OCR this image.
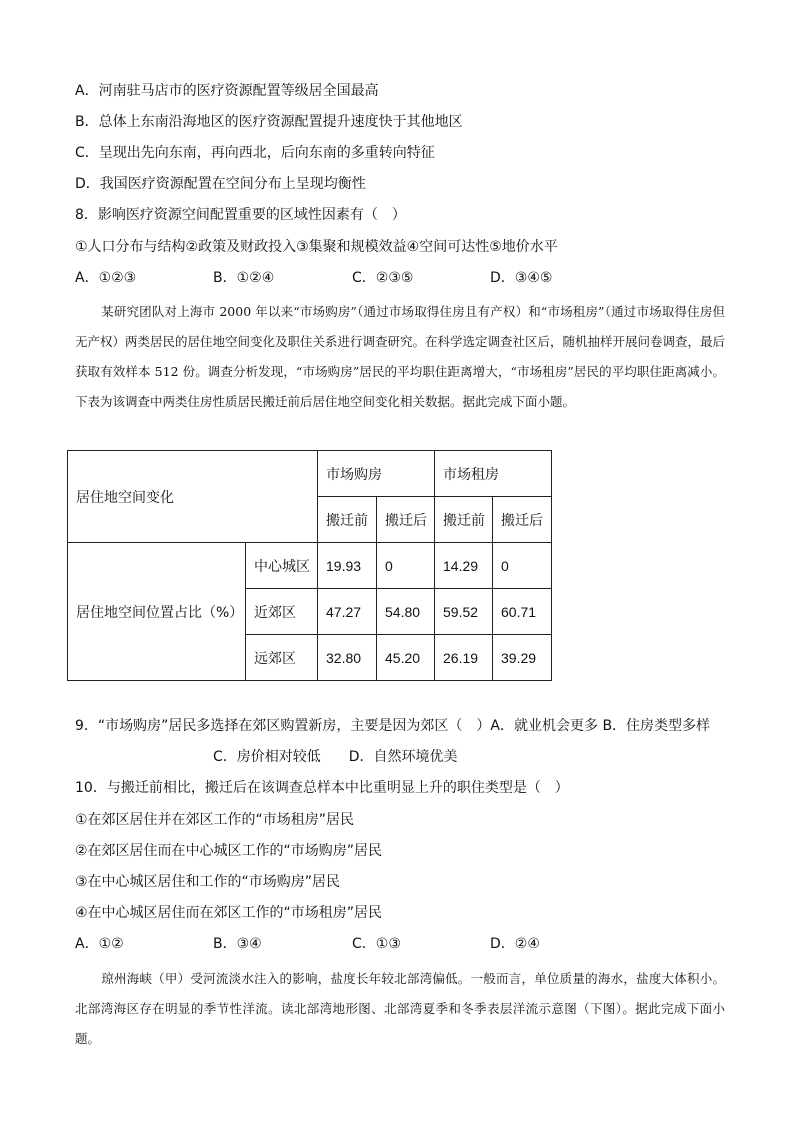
A．河南驻马店市的医疗资源配置等级居全国最高
B．总体上东南沿海地区的医疗资源配置提升速度快于其他地区
C．呈现出先向东南，再向西北，后向东南的多重转向特征
D．我国医疗资源配置在空间分布上呈现均衡性
8．影响医疗资源空间配置重要的区域性因素有（　）
①人口分布与结构②政策及财政投入③集聚和规模效益④空间可达性⑤地价水平
A．①②③	B．①②④	C．②③⑤	D．③④⑤
某研究团队对上海市 2000 年以来“市场购房”（通过市场取得住房且有产权）和“市场租房”（通过市场取得住房但无产权）两类居民的居住地空间变化及职住关系进行调查研究。在科学选定调查社区后，随机抽样开展问卷调查，最后获取有效样本 512 份。调查分析发现，“市场购房”居民的平均职住距离增大，“市场租房”居民的平均职住距离减小。下表为该调查中两类住房性质居民搬迁前后居住地空间变化相关数据。据此完成下面小题。
居住地空间变化		市场购房		市场租房	
		搬迁前	搬迁后	搬迁前	搬迁后
居住地空间位置占比（%）	中心城区	19.93	0	14.29	0
	近郊区	47.27	54.80	59.52	60.71
	远郊区	32.80	45.20	26.19	39.29
9．“市场购房”居民多选择在郊区购置新房，主要是因为郊区（　）A．就业机会更多 B．住房类型多样
C．房价相对较低　　D．自然环境优美
10．与搬迁前相比，搬迁后在该调查总样本中比重明显上升的职住类型是（　）
①在郊区居住并在郊区工作的“市场租房”居民
②在郊区居住而在中心城区工作的“市场购房”居民
③在中心城区居住和工作的“市场购房”居民
④在中心城区居住而在郊区工作的“市场租房”居民
A．①②	B．③④	C．①③	D．②④
琼州海峡（甲）受河流淡水注入的影响，盐度长年较北部湾偏低。一般而言，单位质量的海水，盐度大体积小。北部湾海区存在明显的季节性洋流。读北部湾地形图、北部湾夏季和冬季表层洋流示意图（下图）。据此完成下面小题。
